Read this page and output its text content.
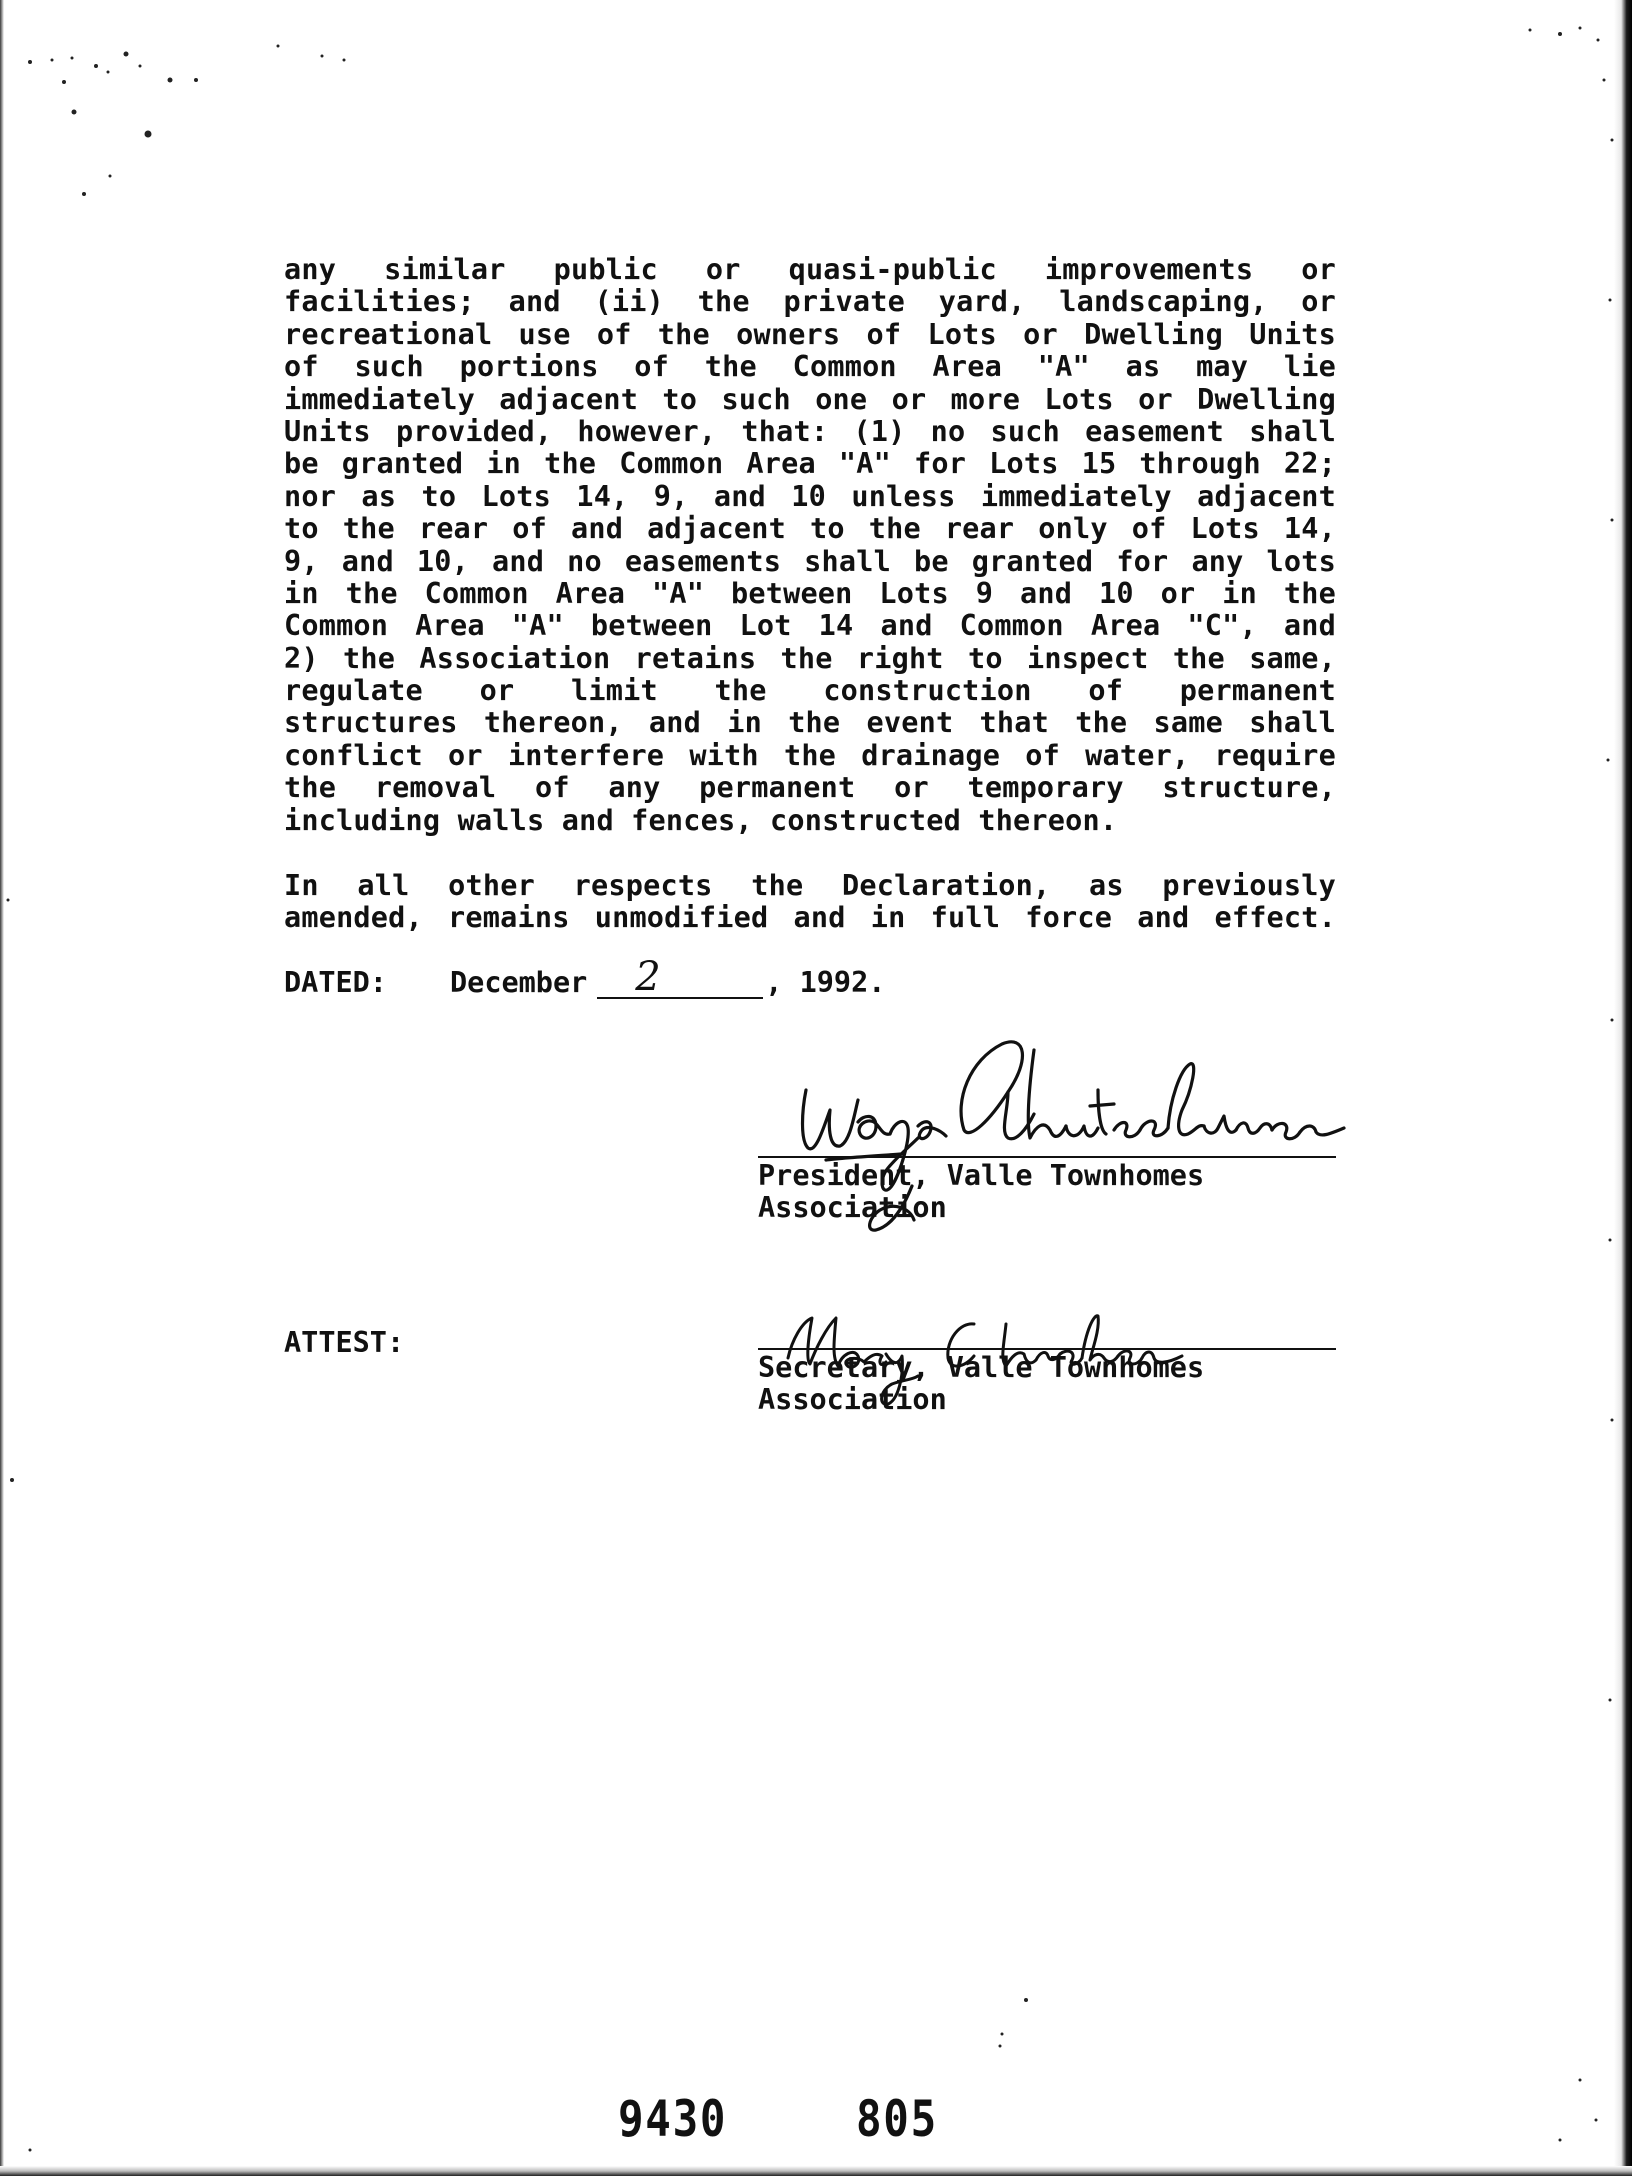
any similar public or quasi-public improvements or
facilities; and (ii) the private yard, landscaping, or
recreational use of the owners of Lots or Dwelling Units
of such portions of the Common Area "A" as may lie
immediately adjacent to such one or more Lots or Dwelling
Units provided, however, that: (1) no such easement shall
be granted in the Common Area "A" for Lots 15 through 22;
nor as to Lots 14, 9, and 10 unless immediately adjacent
to the rear of and adjacent to the rear only of Lots 14,
9, and 10, and no easements shall be granted for any lots
in the Common Area "A" between Lots 9 and 10 or in the
Common Area "A" between Lot 14 and Common Area "C", and
2) the Association retains the right to inspect the same,
regulate or limit the construction of permanent
structures thereon, and in the event that the same shall
conflict or interfere with the drainage of water, require
the removal of any permanent or temporary structure,
including walls and fences, constructed thereon.
In all other respects the Declaration, as previously
amended, remains unmodified and in full force and effect.
DATED: December 2	, 1992.
President, Valle Townhomes
Association
ATTEST:
Secretary, Valle Townhomes
Association
9430	805
